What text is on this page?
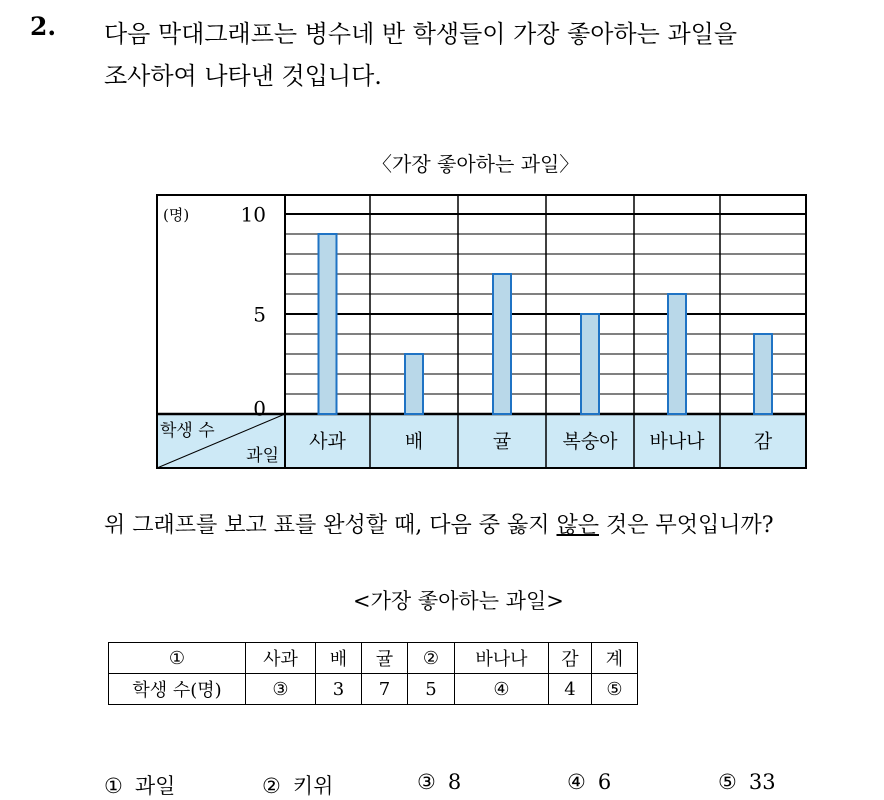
2. 다음 막대그래프는 병수네 반 학생들이 가장 좋아하는 과일을
조사하여 나타낸 것입니다.
〈가장 좋아하는 과일〉
0
5
10
(명)
사과	배	귤	복숭아 바나나	감
학생 수
과일
위 그래프를 보고 표를 완성할 때, 다음 중 옳지 않은 것은 무엇입니까?
<가장 좋아하는 과일>
①	사과	배	귤	②	바나나	감	계
학생 수(명)	③	3	7	5	④	4	⑤
① 과일	② 키위	③ 8	④ 6	⑤ 33
